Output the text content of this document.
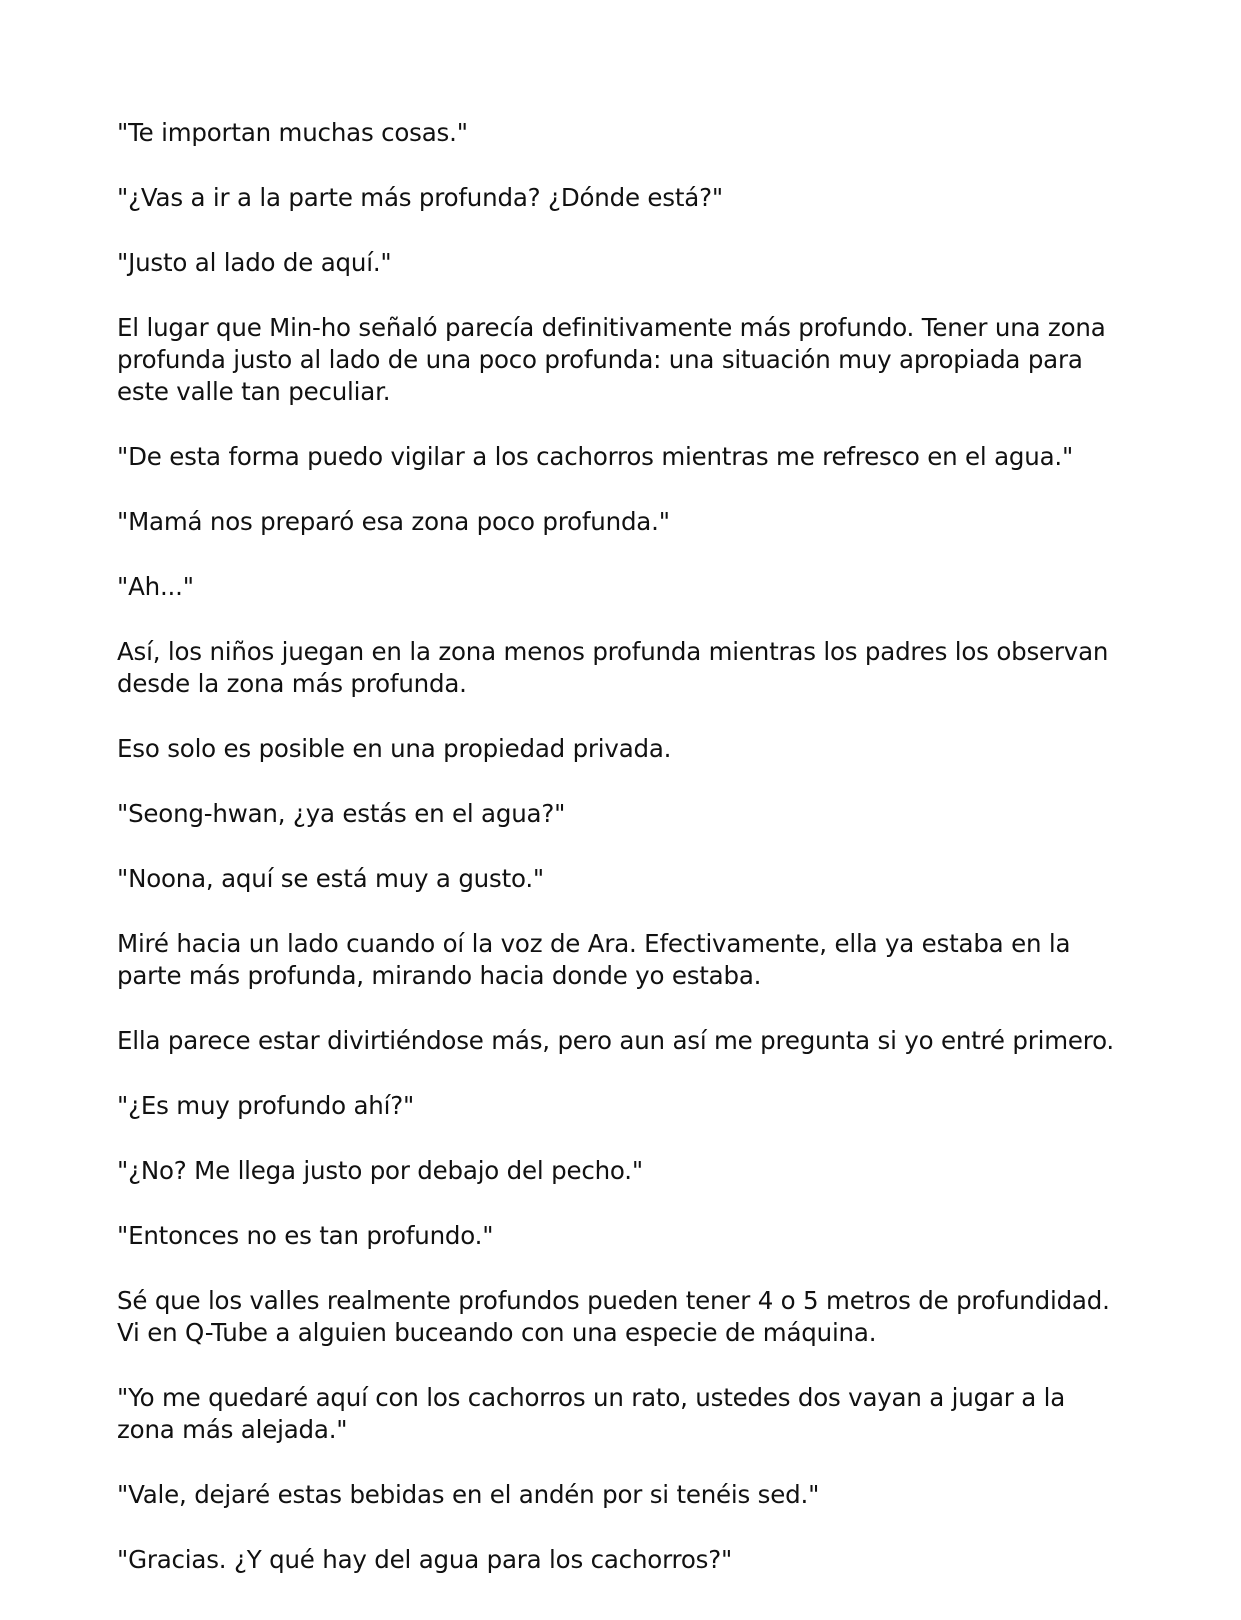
"Te importan muchas cosas."

"¿Vas a ir a la parte más profunda? ¿Dónde está?"

"Justo al lado de aquí."

El lugar que Min-ho señaló parecía definitivamente más profundo. Tener una zona profunda justo al lado de una poco profunda: una situación muy apropiada para este valle tan peculiar.

"De esta forma puedo vigilar a los cachorros mientras me refresco en el agua."

"Mamá nos preparó esa zona poco profunda."

"Ah..."

Así, los niños juegan en la zona menos profunda mientras los padres los observan desde la zona más profunda.

Eso solo es posible en una propiedad privada.

"Seong-hwan, ¿ya estás en el agua?"

"Noona, aquí se está muy a gusto."

Miré hacia un lado cuando oí la voz de Ara. Efectivamente, ella ya estaba en la parte más profunda, mirando hacia donde yo estaba.

Ella parece estar divirtiéndose más, pero aun así me pregunta si yo entré primero.

"¿Es muy profundo ahí?"

"¿No? Me llega justo por debajo del pecho."

"Entonces no es tan profundo."

Sé que los valles realmente profundos pueden tener 4 o 5 metros de profundidad. Vi en Q-Tube a alguien buceando con una especie de máquina.

"Yo me quedaré aquí con los cachorros un rato, ustedes dos vayan a jugar a la zona más alejada."

"Vale, dejaré estas bebidas en el andén por si tenéis sed."

"Gracias. ¿Y qué hay del agua para los cachorros?"
